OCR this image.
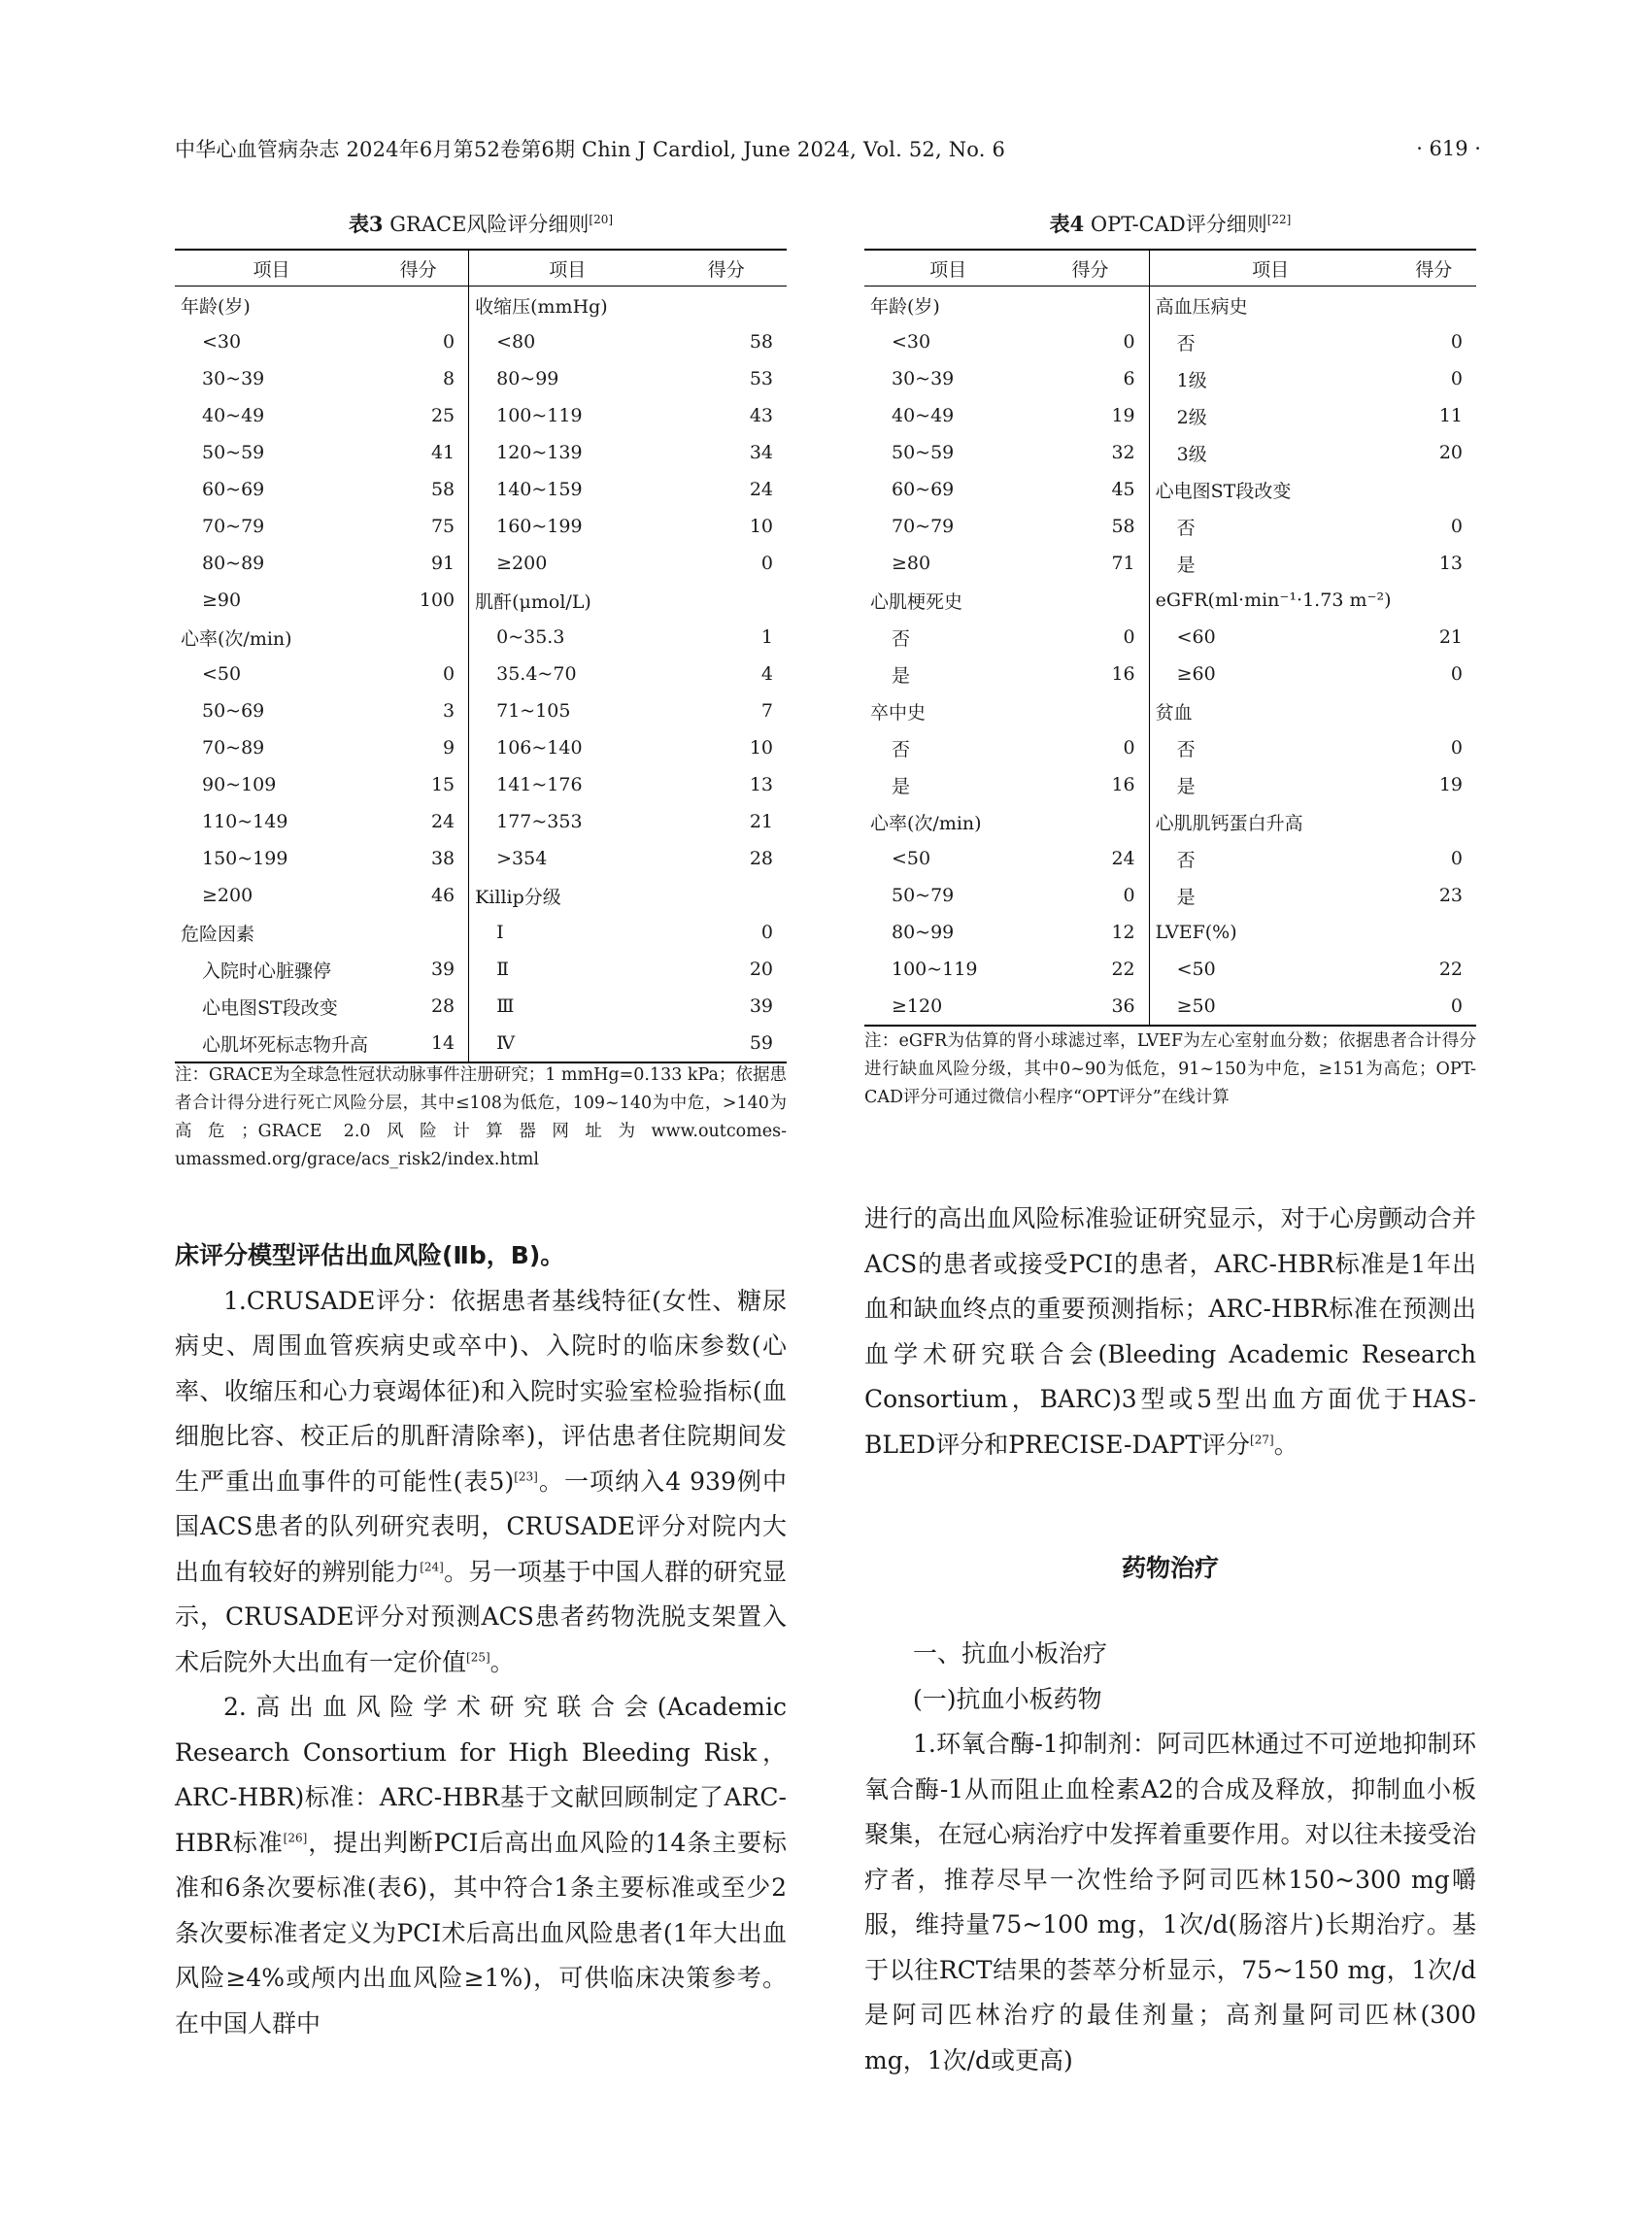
中华心血管病杂志 2024年6月第52卷第6期 Chin J Cardiol, June 2024, Vol. 52, No. 6	· 619 ·
表3 GRACE风险评分细则[20]
项目	得分	项目	得分
年龄(岁)		收缩压(mmHg)	
<30	0	<80	58
30~39	8	80~99	53
40~49	25	100~119	43
50~59	41	120~139	34
60~69	58	140~159	24
70~79	75	160~199	10
80~89	91	≥200	0
≥90	100	肌酐(μmol/L)	
心率(次/min)		0~35.3	1
<50	0	35.4~70	4
50~69	3	71~105	7
70~89	9	106~140	10
90~109	15	141~176	13
110~149	24	177~353	21
150~199	38	>354	28
≥200	46	Killip分级	
危险因素		Ⅰ	0
入院时心脏骤停	39	Ⅱ	20
心电图ST段改变	28	Ⅲ	39
心肌坏死标志物升高	14	Ⅳ	59
注：GRACE为全球急性冠状动脉事件注册研究；1 mmHg=0.133 kPa；依据患者合计得分进行死亡风险分层，其中≤108为低危，109~140为中危，>140为高危；GRACE 2.0风险计算器网址为www.outcomes-umassmed.org/grace/acs_risk2/index.html
表4 OPT-CAD评分细则[22]
项目	得分	项目	得分
年龄(岁)		高血压病史	
<30	0	否	0
30~39	6	1级	0
40~49	19	2级	11
50~59	32	3级	20
60~69	45	心电图ST段改变	
70~79	58	否	0
≥80	71	是	13
心肌梗死史		eGFR(ml·min⁻¹·1.73 m⁻²)	
否	0	<60	21
是	16	≥60	0
卒中史		贫血	
否	0	否	0
是	16	是	19
心率(次/min)		心肌肌钙蛋白升高	
<50	24	否	0
50~79	0	是	23
80~99	12	LVEF(%)	
100~119	22	<50	22
≥120	36	≥50	0
注：eGFR为估算的肾小球滤过率，LVEF为左心室射血分数；依据患者合计得分进行缺血风险分级，其中0~90为低危，91~150为中危，≥151为高危；OPT-CAD评分可通过微信小程序“OPT评分”在线计算

床评分模型评估出血风险(Ⅱb，B)。

1.CRUSADE评分：依据患者基线特征(女性、糖尿病史、周围血管疾病史或卒中)、入院时的临床参数(心率、收缩压和心力衰竭体征)和入院时实验室检验指标(血细胞比容、校正后的肌酐清除率)，评估患者住院期间发生严重出血事件的可能性(表5)[23]。一项纳入4 939例中国ACS患者的队列研究表明，CRUSADE评分对院内大出血有较好的辨别能力[24]。另一项基于中国人群的研究显示，CRUSADE评分对预测ACS患者药物洗脱支架置入术后院外大出血有一定价值[25]。

2.高出血风险学术研究联合会(Academic Research Consortium for High Bleeding Risk，ARC-HBR)标准：ARC-HBR基于文献回顾制定了ARC-HBR标准[26]，提出判断PCI后高出血风险的14条主要标准和6条次要标准(表6)，其中符合1条主要标准或至少2条次要标准者定义为PCI术后高出血风险患者(1年大出血风险≥4%或颅内出血风险≥1%)，可供临床决策参考。在中国人群中

进行的高出血风险标准验证研究显示，对于心房颤动合并ACS的患者或接受PCI的患者，ARC-HBR标准是1年出血和缺血终点的重要预测指标；ARC-HBR标准在预测出血学术研究联合会(Bleeding Academic Research Consortium，BARC)3型或5型出血方面优于HAS-BLED评分和PRECISE-DAPT评分[27]。

药物治疗

一、抗血小板治疗

(一)抗血小板药物

1.环氧合酶-1抑制剂：阿司匹林通过不可逆地抑制环氧合酶-1从而阻止血栓素A2的合成及释放，抑制血小板聚集，在冠心病治疗中发挥着重要作用。对以往未接受治疗者，推荐尽早一次性给予阿司匹林150~300 mg嚼服，维持量75~100 mg，1次/d(肠溶片)长期治疗。基于以往RCT结果的荟萃分析显示，75~150 mg，1次/d是阿司匹林治疗的最佳剂量；高剂量阿司匹林(300 mg，1次/d或更高)
